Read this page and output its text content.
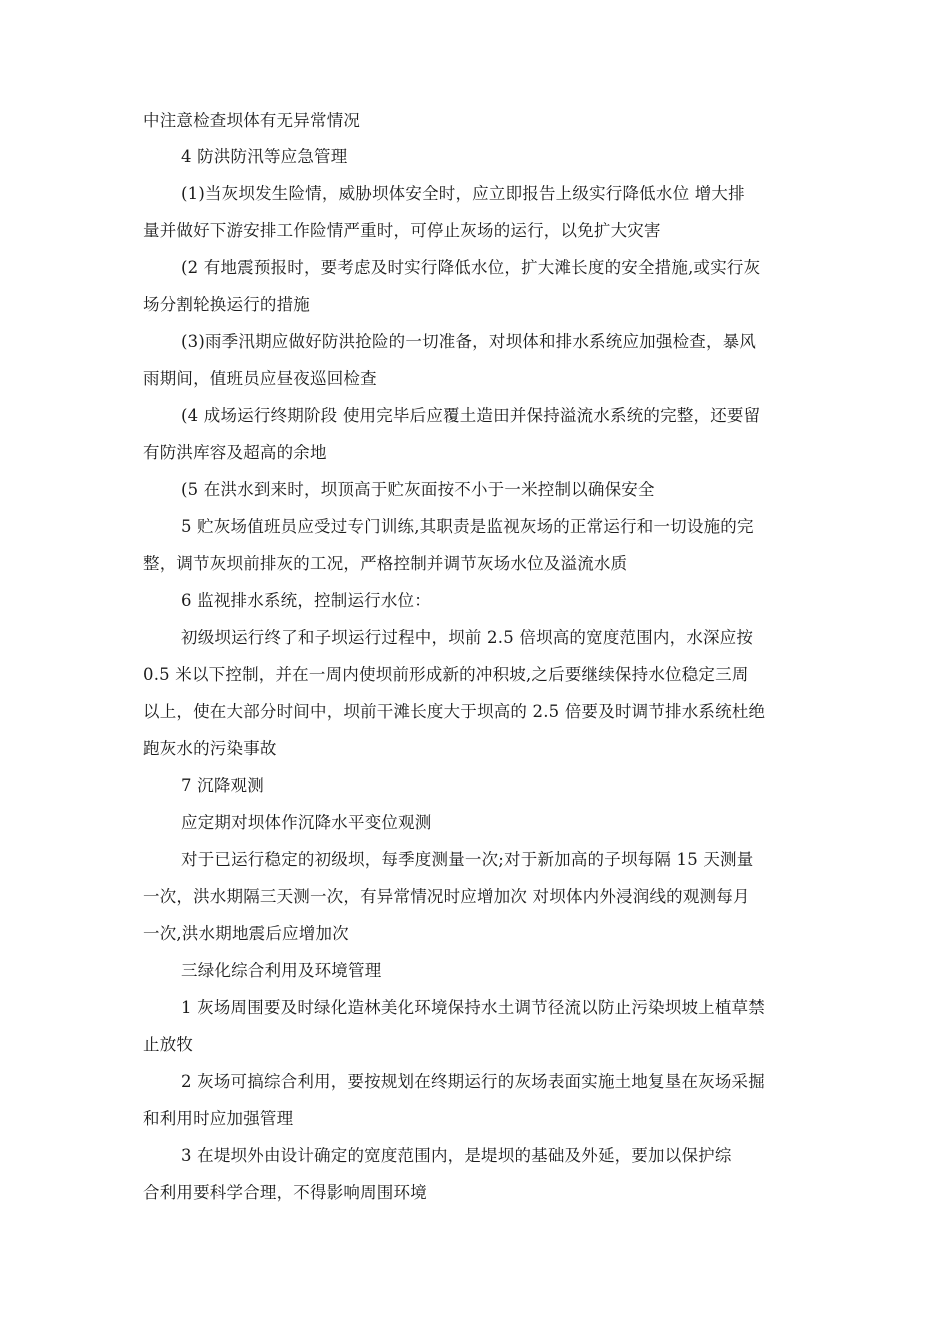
中注意检查坝体有无异常情况
4 防洪防汛等应急管理
(1)当灰坝发生险情，威胁坝体安全时，应立即报告上级实行降低水位 增大排
量并做好下游安排工作险情严重时，可停止灰场的运行，以免扩大灾害
(2 有地震预报时，要考虑及时实行降低水位，扩大滩长度的安全措施,或实行灰
场分割轮换运行的措施
(3)雨季汛期应做好防洪抢险的一切准备，对坝体和排水系统应加强检查，暴风
雨期间，值班员应昼夜巡回检查
(4 成场运行终期阶段 使用完毕后应覆土造田并保持溢流水系统的完整，还要留
有防洪库容及超高的余地
(5 在洪水到来时，坝顶高于贮灰面按不小于一米控制以确保安全
5 贮灰场值班员应受过专门训练,其职责是监视灰场的正常运行和一切设施的完
整，调节灰坝前排灰的工况，严格控制并调节灰场水位及溢流水质
6 监视排水系统，控制运行水位：
初级坝运行终了和子坝运行过程中，坝前 2.5 倍坝高的宽度范围内，水深应按
0.5 米以下控制，并在一周内使坝前形成新的冲积坡,之后要继续保持水位稳定三周
以上，使在大部分时间中，坝前干滩长度大于坝高的 2.5 倍要及时调节排水系统杜绝
跑灰水的污染事故
7 沉降观测
应定期对坝体作沉降水平变位观测
对于已运行稳定的初级坝，每季度测量一次;对于新加高的子坝每隔 15 天测量
一次，洪水期隔三天测一次，有异常情况时应增加次 对坝体内外浸润线的观测每月
一次,洪水期地震后应增加次
三绿化综合利用及环境管理
1 灰场周围要及时绿化造林美化环境保持水土调节径流以防止污染坝坡上植草禁
止放牧
2 灰场可搞综合利用，要按规划在终期运行的灰场表面实施土地复垦在灰场采掘
和利用时应加强管理
3 在堤坝外由设计确定的宽度范围内，是堤坝的基础及外延，要加以保护综
合利用要科学合理，不得影响周围环境
